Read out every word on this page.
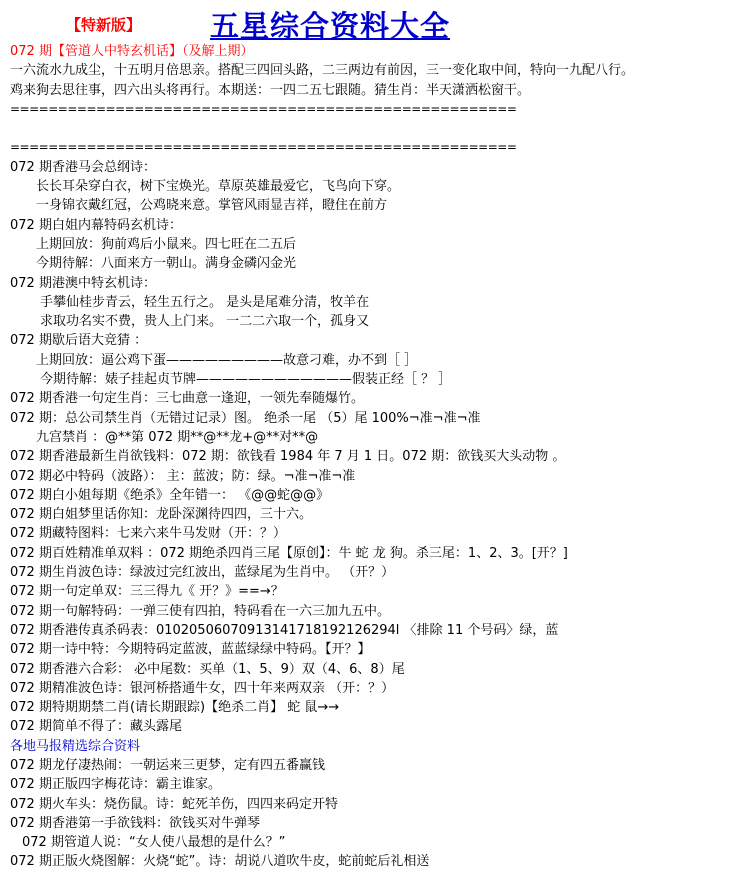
【特新版】 五星综合资料大全
072 期【管道人中特玄机话】（及解上期）
一六流水九成尘，十五明月倍思亲。搭配三四回头路，二三两边有前因，三一变化取中间，特向一九配八行。
鸡来狗去思往事，四六出头将再行。本期送：一四二五七跟随。猜生肖：半天潇洒松窗干。
=====================================================
=====================================================
072 期香港马会总纲诗：
长长耳朵穿白衣，树下宝焕光。草原英雄最爱它，飞鸟向下穿。
一身锦衣戴红冠，公鸡晓来意。掌管风雨显吉祥，瞪住在前方
072 期白姐内幕特码玄机诗：
上期回放：狗前鸡后小鼠来。四七旺在二五后
今期待解：八面来方一朝山。满身金磷闪金光
072 期港澳中特玄机诗：
手攀仙桂步青云，轻生五行之。 是头是尾难分清，牧羊在
求取功名实不费，贵人上门来。 一二二六取一个，孤身又
072 期歇后语大竞猜 ：
上期回放：逼公鸡下蛋—————————故意刁难，办不到［ ］
今期待解：婊子挂起贞节牌————————————假装正经［ ？ ］
072 期香港一句定生肖：三七曲意一逢迎，一领先奉随爆竹。
072 期：总公司禁生肖（无错过记录）图。 绝杀一尾 （5）尾 100%¬准¬准¬准
九宫禁肖 ：@**第 072 期**@**龙+@**对**@
072 期香港最新生肖欲钱料：072 期：欲钱看 1984 年 7 月 1 日。072 期：欲钱买大头动物 。
072 期必中特码（波路）： 主：蓝波；防：绿。¬准¬准¬准
072 期白小姐每期《绝杀》全年错一： 《@@蛇@@》
072 期白姐梦里话你知：龙卧深渊待四四，三十六。
072 期藏特图料：七来六来牛马发财（开：？）
072 期百姓精准单双料 ：072 期绝杀四肖三尾【原创】：牛 蛇 龙 狗。杀三尾：1、2、3。[开？]
072 期生肖波色诗：绿波过完红波出，蓝绿尾为生肖中。 （开？）
072 期一句定单双：三三得九《 开？》==→？
072 期一句解特码：一弹三使有四拍，特码看在一六三加九五中。
072 期香港传真杀码表：01020506070913141718192126294l 〈排除 11 个号码〉绿，蓝
072 期一诗中特：今期特码定蓝波，蓝蓝绿绿中特码。【开？】
072 期香港六合彩： 必中尾数：买单（1、5、9）双（4、6、8）尾
072 期精准波色诗：银河桥搭通牛女，四十年来两双亲 （开：？）
072 期特期期禁二肖(请长期跟踪)【绝杀二肖】 蛇 鼠→→
072 期简单不得了：藏头露尾
各地马报精选综合资料
072 期龙仔凄热闹：一朝运来三更梦，定有四五番赢钱
072 期正版四字梅花诗：霸主谁家。
072 期火车头：烧伤鼠。诗：蛇死羊伤，四四来码定开特
072 期香港第一手欲钱料：欲钱买对牛弹琴
072 期管道人说：“女人使八最想的是什么？”
072 期正版火烧图解：火烧“蛇”。诗：胡说八道吹牛皮，蛇前蛇后礼相送
